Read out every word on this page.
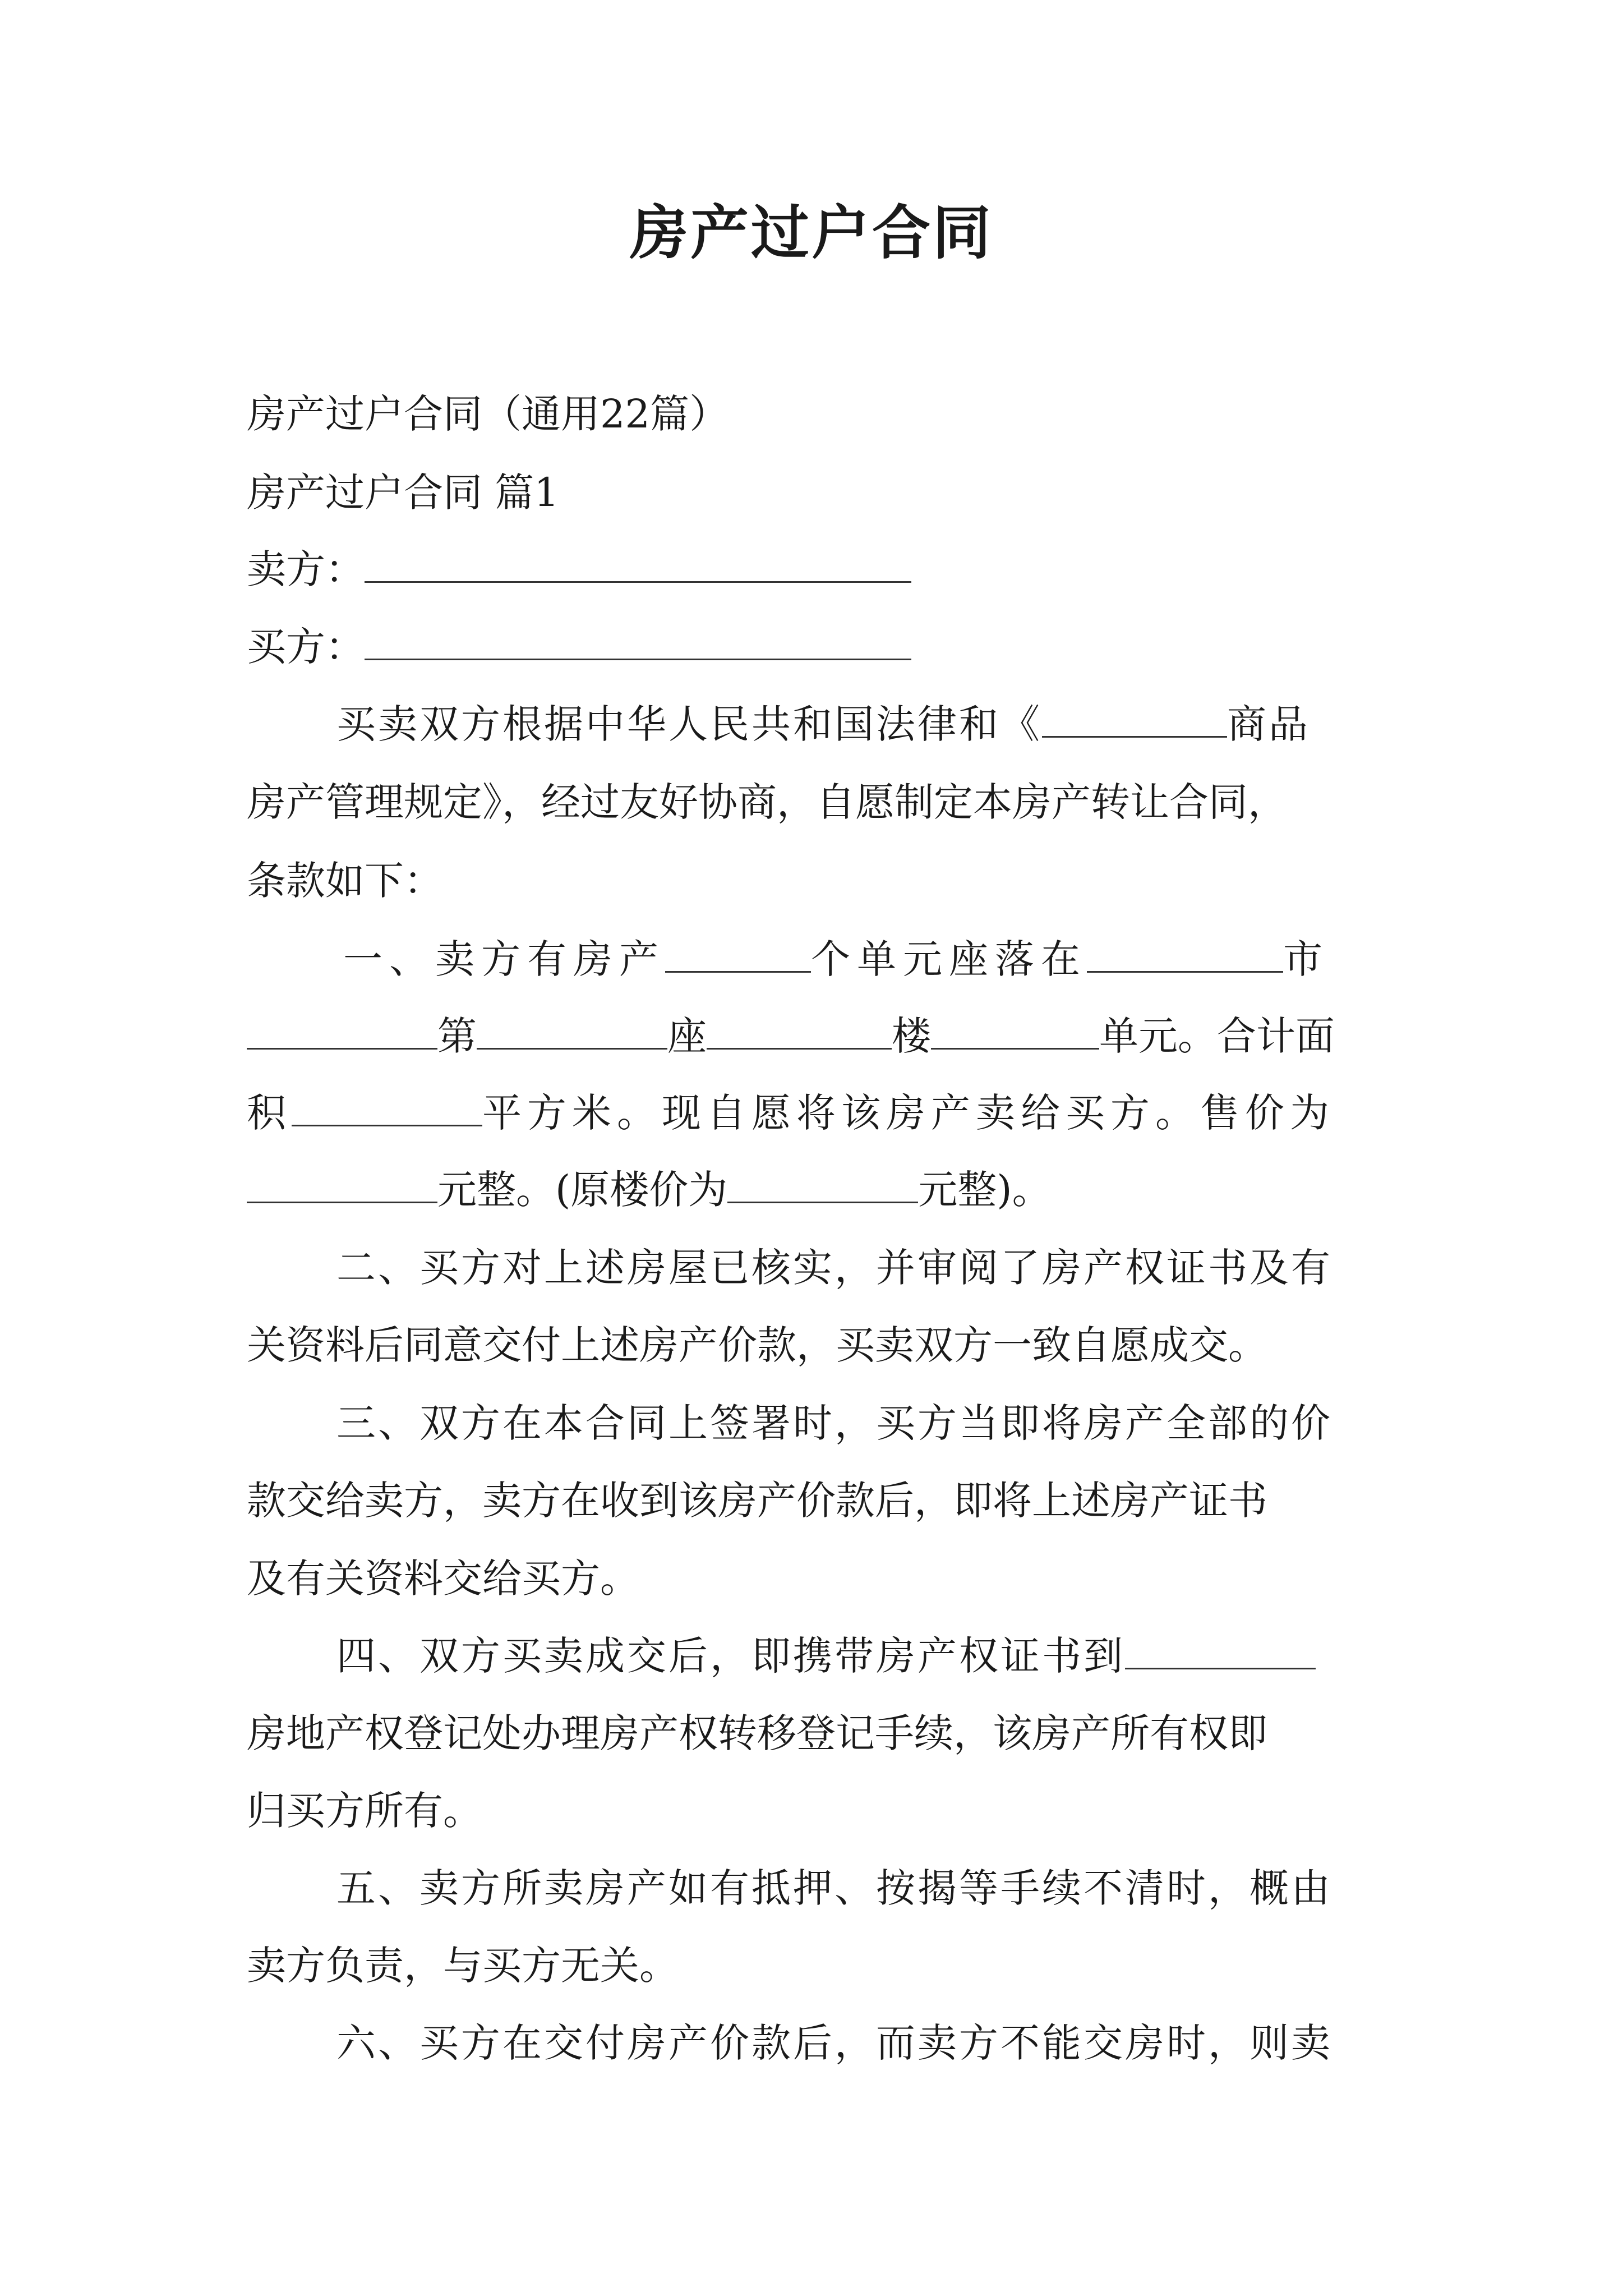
房产过户合同
房产过户合同（通用22篇）
房产过户合同 篇1
卖方：
买方：
买卖双方根据中华人民共和国法律和《	商品
房产管理规定》，经过友好协商，自愿制定本房产转让合同，
条款如下：
一、卖方有房产	个单元座落在	市
第	座	楼	单元。合计面
积	平方米。现自愿将该房产卖给买方。售价为
元整。(原楼价为	元整)。
二、买方对上述房屋已核实，并审阅了房产权证书及有
关资料后同意交付上述房产价款，买卖双方一致自愿成交。
三、双方在本合同上签署时，买方当即将房产全部的价
款交给卖方，卖方在收到该房产价款后，即将上述房产证书
及有关资料交给买方。
四、双方买卖成交后，即携带房产权证书到
房地产权登记处办理房产权转移登记手续，该房产所有权即
归买方所有。
五、卖方所卖房产如有抵押、按揭等手续不清时，概由
卖方负责，与买方无关。
六、买方在交付房产价款后，而卖方不能交房时，则卖
